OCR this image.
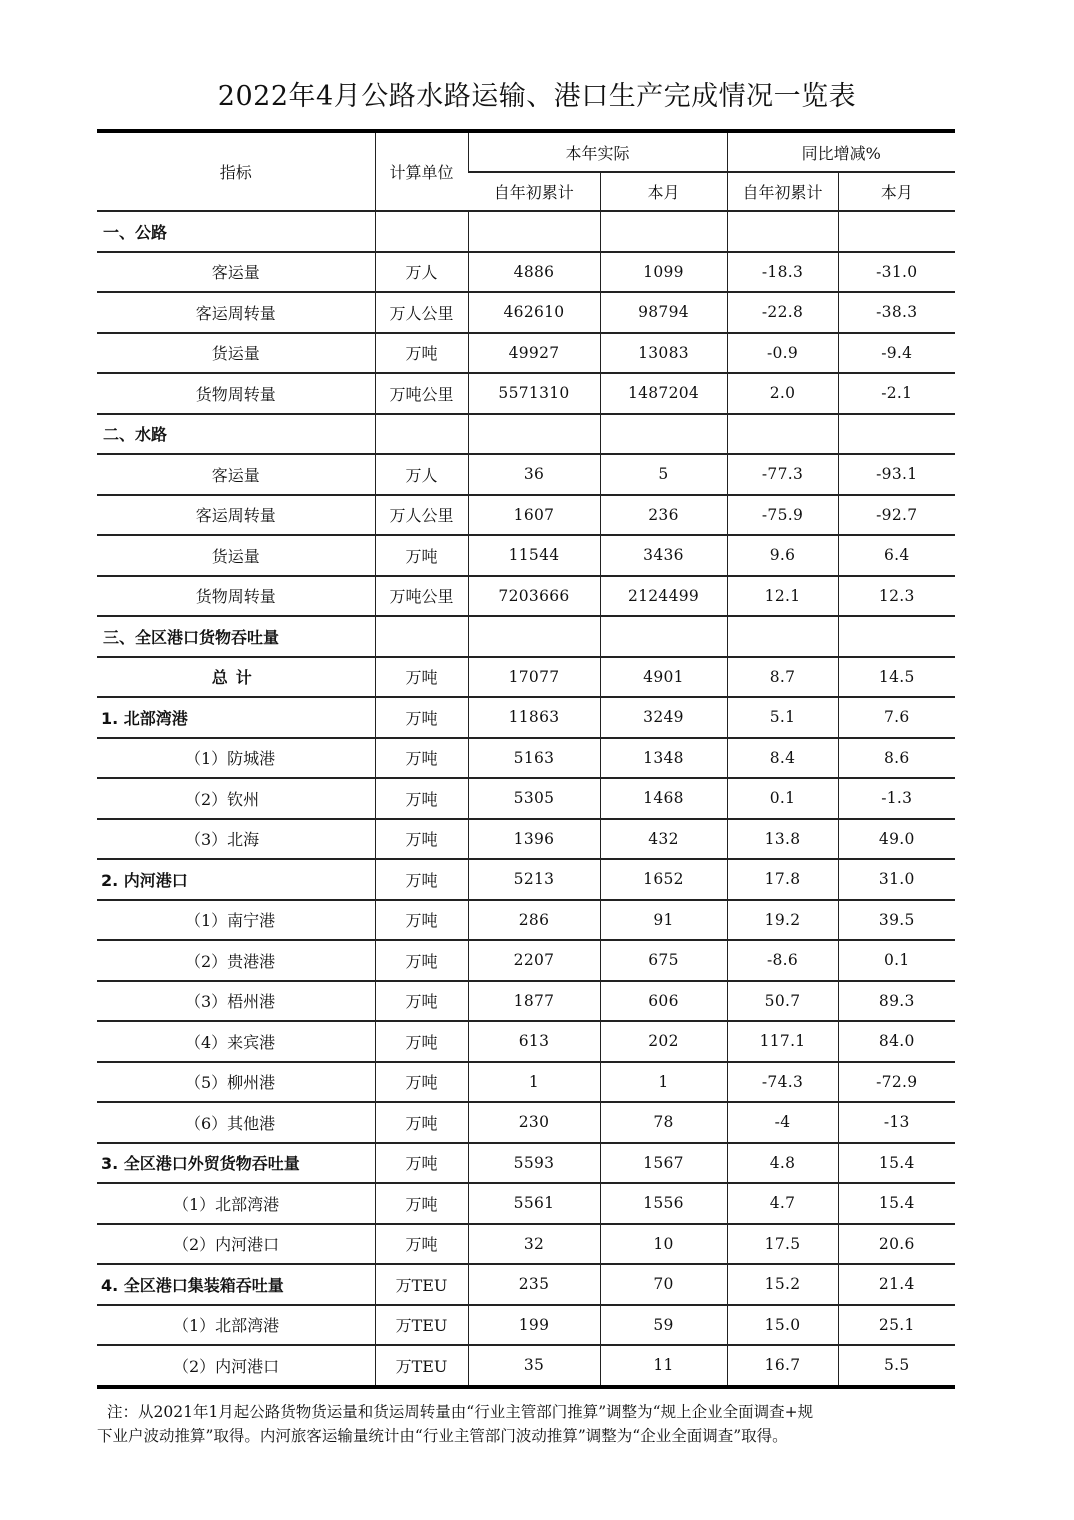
2022年4月公路水路运输、港口生产完成情况一览表
指标	计算单位	本年实际		同比增减%	
		自年初累计	本月	自年初累计	本月
一、公路					
客运量	万人	4886	1099	-18.3	-31.0
客运周转量	万人公里	462610	98794	-22.8	-38.3
货运量	万吨	49927	13083	-0.9	-9.4
货物周转量	万吨公里	5571310	1487204	2.0	-2.1
二、水路					
客运量	万人	36	5	-77.3	-93.1
客运周转量	万人公里	1607	236	-75.9	-92.7
货运量	万吨	11544	3436	9.6	6.4
货物周转量	万吨公里	7203666	2124499	12.1	12.3
三、全区港口货物吞吐量					
总计	万吨	17077	4901	8.7	14.5
1. 北部湾港	万吨	11863	3249	5.1	7.6
（1）防城港	万吨	5163	1348	8.4	8.6
（2）钦州	万吨	5305	1468	0.1	-1.3
（3）北海	万吨	1396	432	13.8	49.0
2. 内河港口	万吨	5213	1652	17.8	31.0
（1）南宁港	万吨	286	91	19.2	39.5
（2）贵港港	万吨	2207	675	-8.6	0.1
（3）梧州港	万吨	1877	606	50.7	89.3
（4）来宾港	万吨	613	202	117.1	84.0
（5）柳州港	万吨	1	1	-74.3	-72.9
（6）其他港	万吨	230	78	-4	-13
3. 全区港口外贸货物吞吐量	万吨	5593	1567	4.8	15.4
（1）北部湾港	万吨	5561	1556	4.7	15.4
（2）内河港口	万吨	32	10	17.5	20.6
4. 全区港口集装箱吞吐量	万TEU	235	70	15.2	21.4
（1）北部湾港	万TEU	199	59	15.0	25.1
（2）内河港口	万TEU	35	11	16.7	5.5

注：从2021年1月起公路货物货运量和货运周转量由“行业主管部门推算”调整为“规上企业全面调查+规

下业户波动推算”取得。内河旅客运输量统计由“行业主管部门波动推算”调整为“企业全面调查”取得。
